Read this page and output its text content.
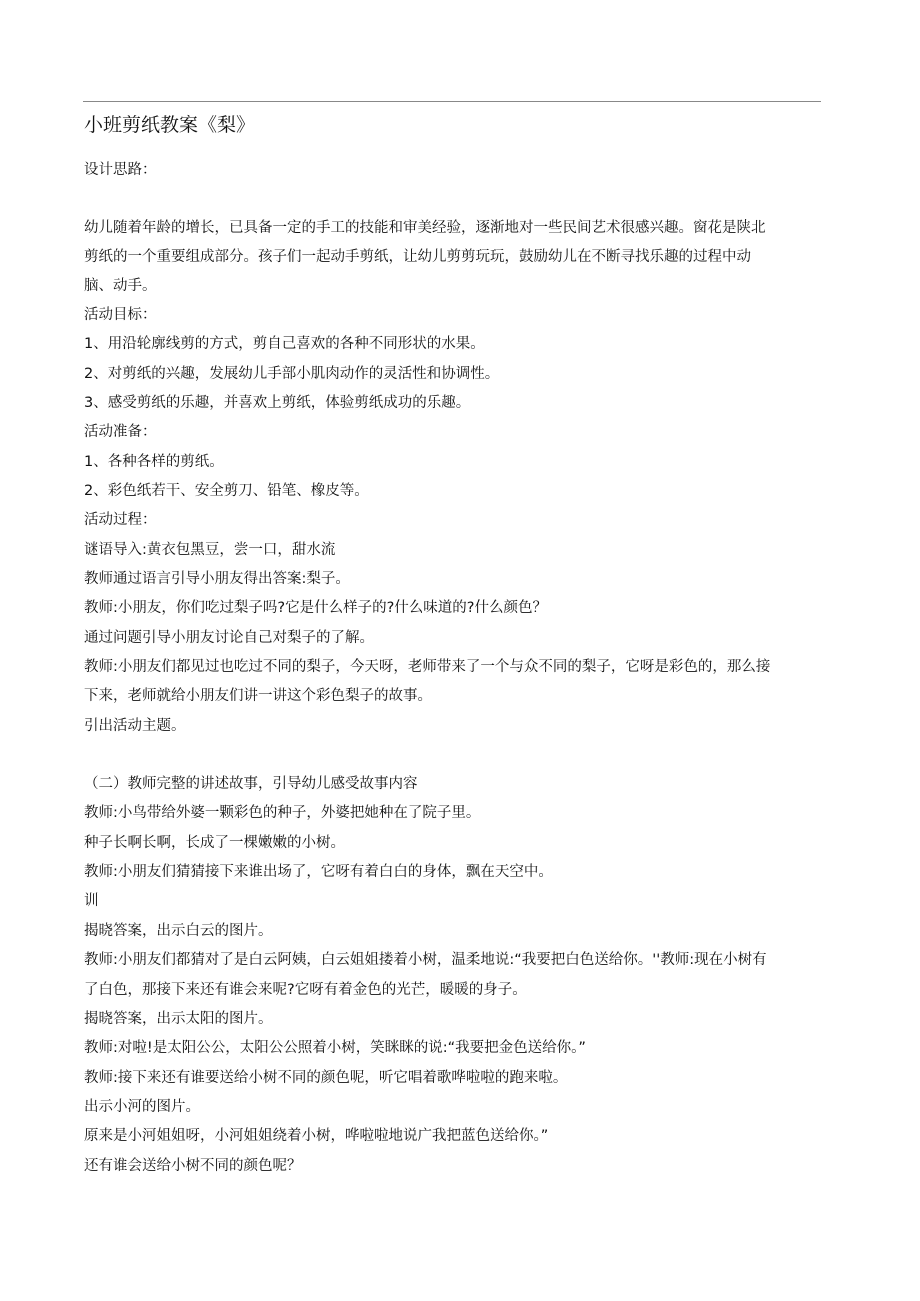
小班剪纸教案《梨》
设计思路：
幼儿随着年龄的增长，已具备一定的手工的技能和审美经验，逐渐地对一些民间艺术很感兴趣。窗花是陕北
剪纸的一个重要组成部分。孩子们一起动手剪纸，让幼儿剪剪玩玩，鼓励幼儿在不断寻找乐趣的过程中动
脑、动手。
活动目标：
1、用沿轮廓线剪的方式，剪自己喜欢的各种不同形状的水果。
2、对剪纸的兴趣，发展幼儿手部小肌肉动作的灵活性和协调性。
3、感受剪纸的乐趣，并喜欢上剪纸，体验剪纸成功的乐趣。
活动准备：
1、各种各样的剪纸。
2、彩色纸若干、安全剪刀、铅笔、橡皮等。
活动过程：
谜语导入:黄衣包黑豆，尝一口，甜水流
教师通过语言引导小朋友得出答案:梨子。
教师:小朋友，你们吃过梨子吗?它是什么样子的?什么味道的?什么颜色？
通过问题引导小朋友讨论自己对梨子的了解。
教师:小朋友们都见过也吃过不同的梨子，今天呀，老师带来了一个与众不同的梨子，它呀是彩色的，那么接
下来，老师就给小朋友们讲一讲这个彩色梨子的故事。
引出活动主题。
（二）教师完整的讲述故事，引导幼儿感受故事内容
教师:小鸟带给外婆一颗彩色的种子，外婆把她种在了院子里。
种子长啊长啊，长成了一棵嫩嫩的小树。
教师:小朋友们猜猜接下来谁出场了，它呀有着白白的身体，飘在天空中。
训
揭晓答案，出示白云的图片。
教师:小朋友们都猜对了是白云阿姨，白云姐姐搂着小树，温柔地说:“我要把白色送给你。''教师:现在小树有
了白色，那接下来还有谁会来呢?它呀有着金色的光芒，暖暖的身子。
揭晓答案，出示太阳的图片。
教师:对啦!是太阳公公，太阳公公照着小树，笑眯眯的说:“我要把金色送给你。”
教师:接下来还有谁要送给小树不同的颜色呢，听它唱着歌哗啦啦的跑来啦。
出示小河的图片。
原来是小河姐姐呀，小河姐姐绕着小树，哗啦啦地说广我把蓝色送给你。”
还有谁会送给小树不同的颜色呢？
